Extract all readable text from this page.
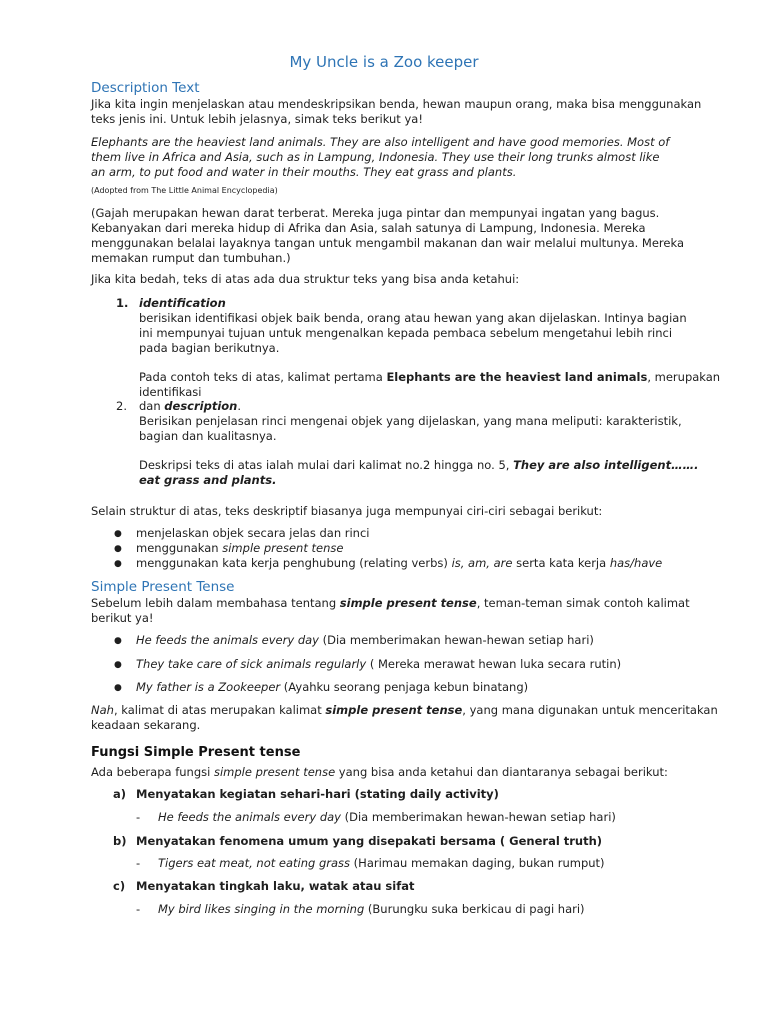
My Uncle is a Zoo keeper
Description Text
Jika kita ingin menjelaskan atau mendeskripsikan benda, hewan maupun orang, maka bisa menggunakan
teks jenis ini. Untuk lebih jelasnya, simak teks berikut ya!
Elephants are the heaviest land animals. They are also intelligent and have good memories. Most of
them live in Africa and Asia, such as in Lampung, Indonesia. They use their long trunks almost like
an arm, to put food and water in their mouths. They eat grass and plants.
(Adopted from The Little Animal Encyclopedia)
(Gajah merupakan hewan darat terberat. Mereka juga pintar dan mempunyai ingatan yang bagus.
Kebanyakan dari mereka hidup di Afrika dan Asia, salah satunya di Lampung, Indonesia. Mereka
menggunakan belalai layaknya tangan untuk mengambil makanan dan wair melalui multunya. Mereka
memakan rumput dan tumbuhan.)
Jika kita bedah, teks di atas ada dua struktur teks yang bisa anda ketahui:
1. identification
berisikan identifikasi objek baik benda, orang atau hewan yang akan dijelaskan. Intinya bagian
ini mempunyai tujuan untuk mengenalkan kepada pembaca sebelum mengetahui lebih rinci
pada bagian berikutnya.
Pada contoh teks di atas, kalimat pertama Elephants are the heaviest land animals, merupakan
identifikasi
2. dan description.
Berisikan penjelasan rinci mengenai objek yang dijelaskan, yang mana meliputi: karakteristik,
bagian dan kualitasnya.
Deskripsi teks di atas ialah mulai dari kalimat no.2 hingga no. 5, They are also intelligent…….
eat grass and plants.
Selain struktur di atas, teks deskriptif biasanya juga mempunyai ciri-ciri sebagai berikut:
● menjelaskan objek secara jelas dan rinci
● menggunakan simple present tense
● menggunakan kata kerja penghubung (relating verbs) is, am, are serta kata kerja has/have
Simple Present Tense
Sebelum lebih dalam membahasa tentang simple present tense, teman-teman simak contoh kalimat
berikut ya!
● He feeds the animals every day (Dia memberimakan hewan-hewan setiap hari)
● They take care of sick animals regularly ( Mereka merawat hewan luka secara rutin)
● My father is a Zookeeper (Ayahku seorang penjaga kebun binatang)
Nah, kalimat di atas merupakan kalimat simple present tense, yang mana digunakan untuk menceritakan
keadaan sekarang.
Fungsi Simple Present tense
Ada beberapa fungsi simple present tense yang bisa anda ketahui dan diantaranya sebagai berikut:
a) Menyatakan kegiatan sehari-hari (stating daily activity)
- He feeds the animals every day (Dia memberimakan hewan-hewan setiap hari)
b) Menyatakan fenomena umum yang disepakati bersama ( General truth)
- Tigers eat meat, not eating grass (Harimau memakan daging, bukan rumput)
c) Menyatakan tingkah laku, watak atau sifat
- My bird likes singing in the morning (Burungku suka berkicau di pagi hari)
